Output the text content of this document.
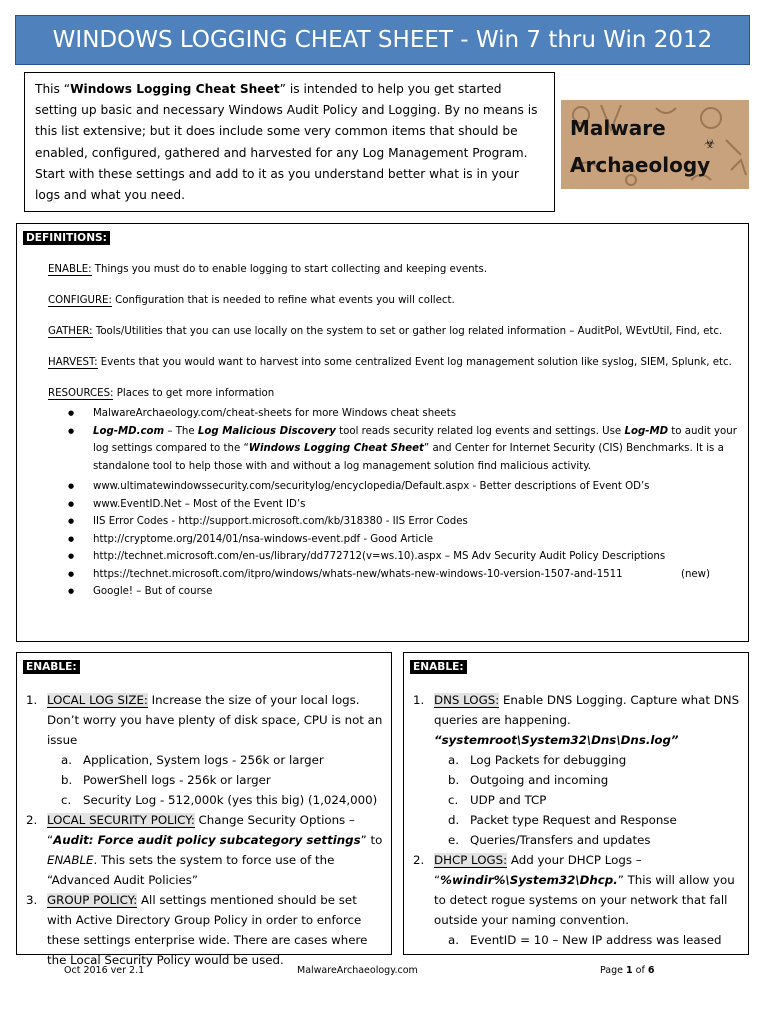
WINDOWS LOGGING CHEAT SHEET - Win 7 thru Win 2012
This “Windows Logging Cheat Sheet” is intended to help you get started setting up basic and necessary Windows Audit Policy and Logging. By no means is this list extensive; but it does include some very common items that should be enabled, configured, gathered and harvested for any Log Management Program. Start with these settings and add to it as you understand better what is in your logs and what you need.
☣
Malware
Archaeology
DEFINITIONS:
ENABLE: Things you must do to enable logging to start collecting and keeping events.
CONFIGURE: Configuration that is needed to refine what events you will collect.
GATHER: Tools/Utilities that you can use locally on the system to set or gather log related information – AuditPol, WEvtUtil, Find, etc.
HARVEST: Events that you would want to harvest into some centralized Event log management solution like syslog, SIEM, Splunk, etc.
RESOURCES: Places to get more information
● MalwareArchaeology.com/cheat-sheets for more Windows cheat sheets
● Log-MD.com – The Log Malicious Discovery tool reads security related log events and settings. Use Log-MD to audit your log settings compared to the “Windows Logging Cheat Sheet” and Center for Internet Security (CIS) Benchmarks. It is a standalone tool to help those with and without a log management solution find malicious activity.
● www.ultimatewindowssecurity.com/securitylog/encyclopedia/Default.aspx - Better descriptions of Event OD’s
● www.EventID.Net – Most of the Event ID’s
● IIS Error Codes - http://support.microsoft.com/kb/318380 - IIS Error Codes
● http://cryptome.org/2014/01/nsa-windows-event.pdf - Good Article
● http://technet.microsoft.com/en-us/library/dd772712(v=ws.10).aspx – MS Adv Security Audit Policy Descriptions
● https://technet.microsoft.com/itpro/windows/whats-new/whats-new-windows-10-version-1507-and-1511	(new)
● Google! – But of course
ENABLE:
1. LOCAL LOG SIZE: Increase the size of your local logs. Don’t worry you have plenty of disk space, CPU is not an issue
a. Application, System logs - 256k or larger
b. PowerShell logs - 256k or larger
c. Security Log - 512,000k (yes this big) (1,024,000)
2. LOCAL SECURITY POLICY: Change Security Options – “Audit: Force audit policy subcategory settings” to ENABLE. This sets the system to force use of the “Advanced Audit Policies”
3. GROUP POLICY: All settings mentioned should be set with Active Directory Group Policy in order to enforce these settings enterprise wide. There are cases where the Local Security Policy would be used.
ENABLE:
1. DNS LOGS: Enable DNS Logging. Capture what DNS queries are happening.
“systemroot\System32\Dns\Dns.log”
a. Log Packets for debugging
b. Outgoing and incoming
c. UDP and TCP
d. Packet type Request and Response
e. Queries/Transfers and updates
2. DHCP LOGS: Add your DHCP Logs – “%windir%\System32\Dhcp.” This will allow you to detect rogue systems on your network that fall outside your naming convention.
a. EventID = 10 – New IP address was leased
Oct 2016 ver 2.1	MalwareArchaeology.com	Page 1 of 6
